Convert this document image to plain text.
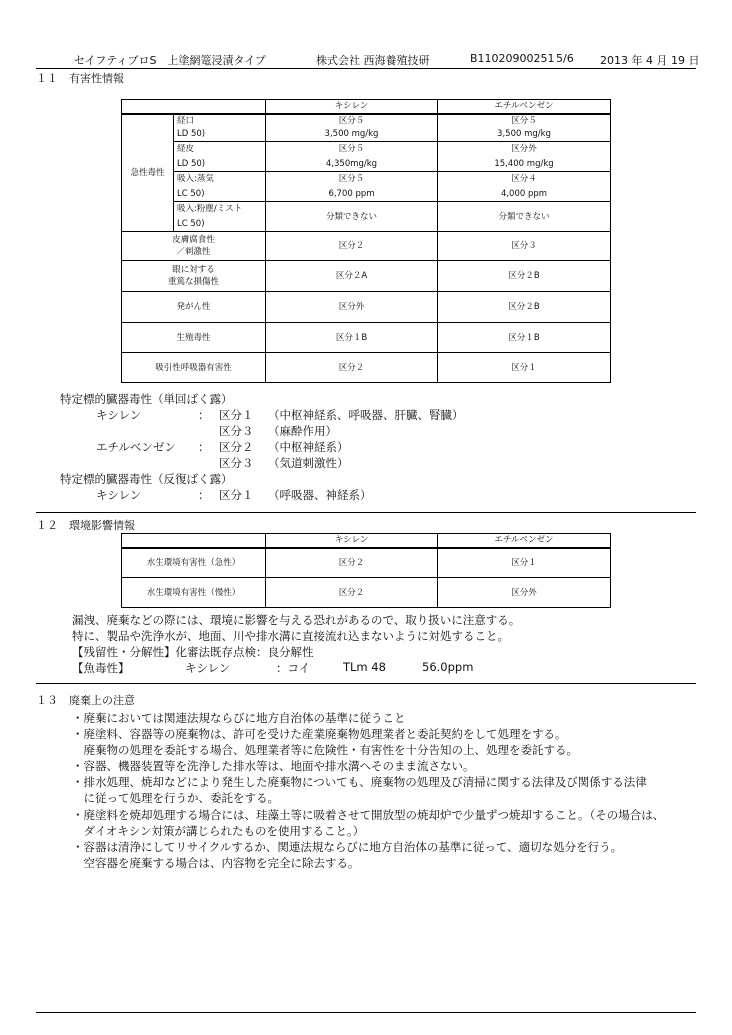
セイフティブロS　上塗網篭浸漬タイプ	株式会社 西海養殖技研	B11020900251 5/6 2013 年 4 月 19 日
１１　有害性情報
		キシレン	エチルベンゼン
急性毒性	経口	区分５	区分５
	LD 50)	3,500 mg/kg	3,500 mg/kg
	経皮	区分５	区分外
	LD 50)	4,350mg/kg	15,400 mg/kg
	吸入:蒸気	区分５	区分４
	LC 50)	6,700 ppm	4,000 ppm
	吸入:粉塵/ミスト	分類できない	分類できない
	LC 50)		

皮膚腐食性
／刺激性		区分２	区分３

眼に対する
重篤な損傷性		区分２A	区分２B
発がん性		区分外	区分２B
生殖毒性		区分１B	区分１B
吸引性呼吸器有害性		区分２	区分１
特定標的臓器毒性（単回ばく露）
キシレン	： 区分１ （中枢神経系、呼吸器、肝臓、腎臓）
区分３ （麻酔作用）
エチルベンゼン ： 区分２ （中枢神経系）
区分３ （気道刺激性）
特定標的臓器毒性（反復ばく露）
キシレン	： 区分１ （呼吸器、神経系）
１２　環境影響情報
	キシレン	エチルベンゼン
水生環境有害性（急性）	区分２	区分１
水生環境有害性（慢性）	区分２	区分外
漏洩、廃棄などの際には、環境に影響を与える恐れがあるので、取り扱いに注意する。
特に、製品や洗浄水が、地面、川や排水溝に直接流れ込まないように対処すること。
【残留性・分解性】化審法既存点検：良分解性
【魚毒性】	キシレン	：コイ	TLm 48	56.0ppm
１３　廃棄上の注意
・廃棄においては関連法規ならびに地方自治体の基準に従うこと
・廃塗料、容器等の廃棄物は、許可を受けた産業廃棄物処理業者と委託契約をして処理をする。
　廃棄物の処理を委託する場合、処理業者等に危険性・有害性を十分告知の上、処理を委託する。
・容器、機器装置等を洗浄した排水等は、地面や排水溝へそのまま流さない。
・排水処理、焼却などにより発生した廃棄物についても、廃棄物の処理及び清掃に関する法律及び関係する法律
　に従って処理を行うか、委託をする。
・廃塗料を焼却処理する場合には、珪藻土等に吸着させて開放型の焼却炉で少量ずつ焼却すること。（その場合は、
　ダイオキシン対策が講じられたものを使用すること。）
・容器は清浄にしてリサイクルするか、関連法規ならびに地方自治体の基準に従って、適切な処分を行う。
　空容器を廃棄する場合は、内容物を完全に除去する。
